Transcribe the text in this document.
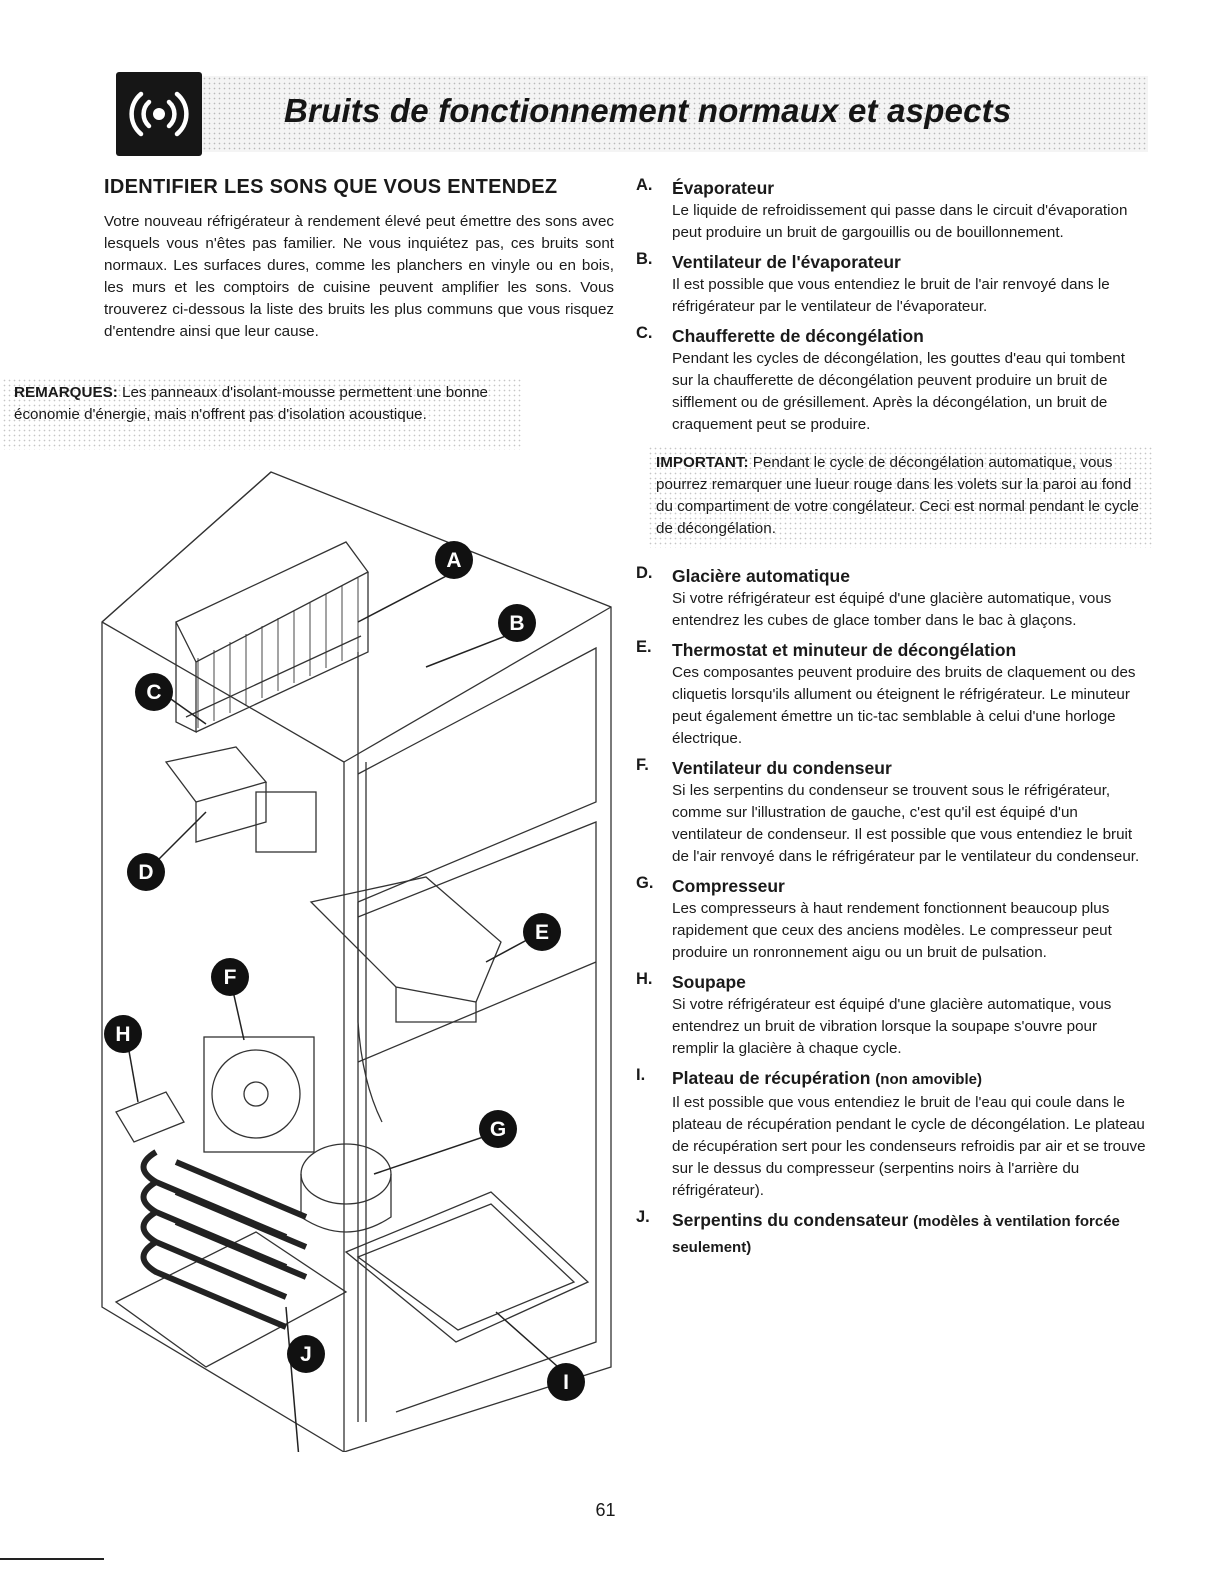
Bruits de fonctionnement normaux et aspects
IDENTIFIER LES SONS QUE VOUS ENTENDEZ

Votre nouveau réfrigérateur à rendement élevé peut émettre des sons avec lesquels vous n'êtes pas familier. Ne vous inquiétez pas, ces bruits sont normaux. Les surfaces dures, comme les planchers en vinyle ou en bois, les murs et les comptoirs de cuisine peuvent amplifier les sons. Vous trouverez ci-dessous la liste des bruits les plus communs que vous risquez d'entendre ainsi que leur cause.

REMARQUES: Les panneaux d'isolant-mousse permettent une bonne économie d'énergie, mais n'offrent pas d'isolation acoustique.
A
B
C
D
E
F
G
H
I
J
A. Évaporateur
Le liquide de refroidissement qui passe dans le circuit d'évaporation peut produire un bruit de gargouillis ou de bouillonnement.
B. Ventilateur de l'évaporateur
Il est possible que vous entendiez le bruit de l'air renvoyé dans le réfrigérateur par le ventilateur de l'évaporateur.
C. Chaufferette de décongélation
Pendant les cycles de décongélation, les gouttes d'eau qui tombent sur la chaufferette de décongélation peuvent produire un bruit de sifflement ou de grésillement. Après la décongélation, un bruit de craquement peut se produire.
IMPORTANT: Pendant le cycle de décongélation automatique, vous pourrez remarquer une lueur rouge dans les volets sur la paroi au fond du compartiment de votre congélateur. Ceci est normal pendant le cycle de décongélation.
D. Glacière automatique
Si votre réfrigérateur est équipé d'une glacière automatique, vous entendrez les cubes de glace tomber dans le bac à glaçons.
E. Thermostat et minuteur de décongélation
Ces composantes peuvent produire des bruits de claquement ou des cliquetis lorsqu'ils allument ou éteignent le réfrigérateur. Le minuteur peut également émettre un tic-tac semblable à celui d'une horloge électrique.
F. Ventilateur du condenseur
Si les serpentins du condenseur se trouvent sous le réfrigérateur, comme sur l'illustration de gauche, c'est qu'il est équipé d'un ventilateur de condenseur. Il est possible que vous entendiez le bruit de l'air renvoyé dans le réfrigérateur par le ventilateur du condenseur.
G. Compresseur
Les compresseurs à haut rendement fonctionnent beaucoup plus rapidement que ceux des anciens modèles. Le compresseur peut produire un ronronnement aigu ou un bruit de pulsation.
H. Soupape
Si votre réfrigérateur est équipé d'une glacière automatique, vous entendrez un bruit de vibration lorsque la soupape s'ouvre pour remplir la glacière à chaque cycle.
I. Plateau de récupération (non amovible)
Il est possible que vous entendiez le bruit de l'eau qui coule dans le plateau de récupération pendant le cycle de décongélation. Le plateau de récupération sert pour les condenseurs refroidis par air et se trouve sur le dessus du compresseur (serpentins noirs à l'arrière du réfrigérateur).
J. Serpentins du condensateur (modèles à ventilation forcée seulement)
61
